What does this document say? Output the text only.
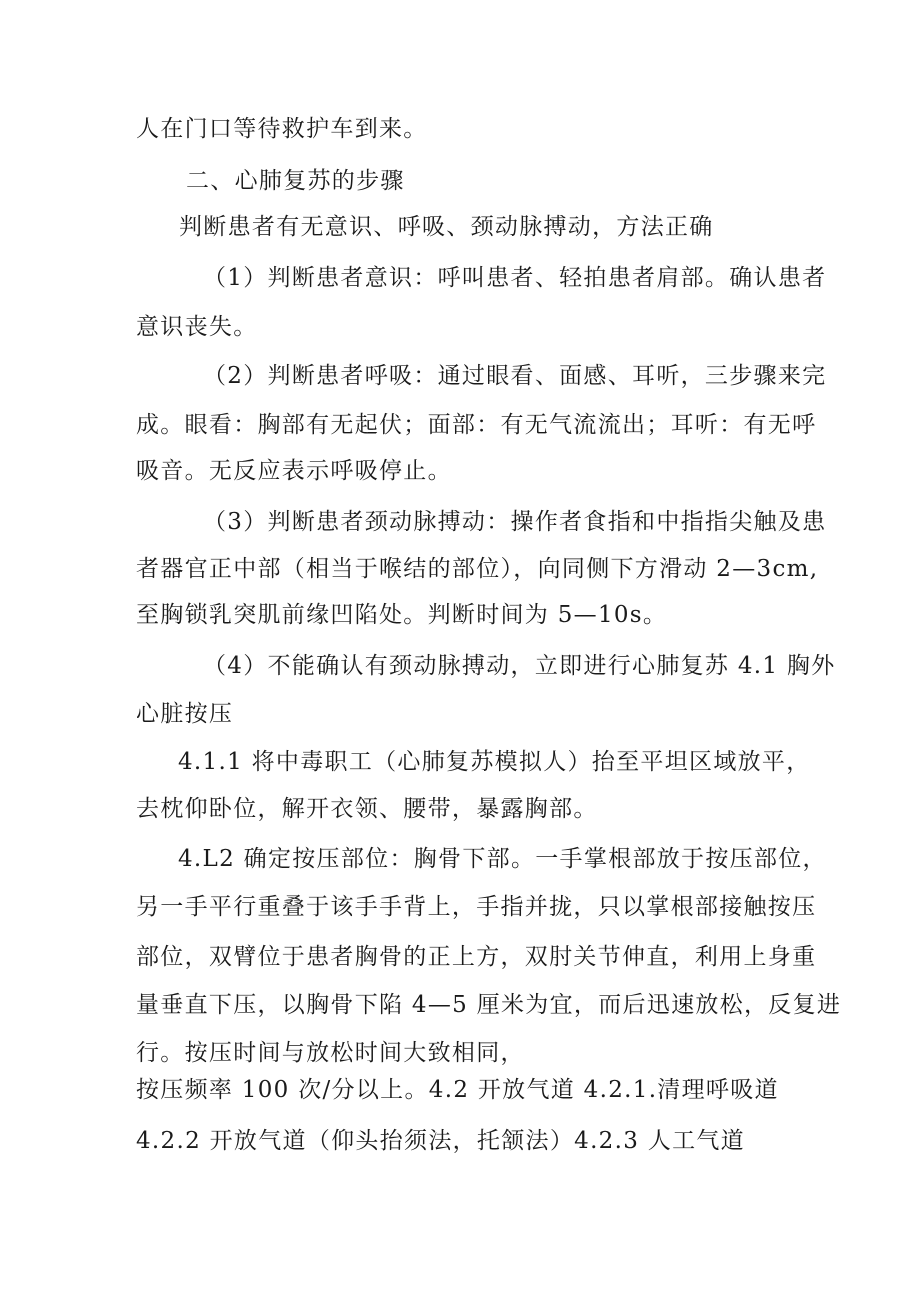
人在门口等待救护车到来。
二、心肺复苏的步骤
判断患者有无意识、呼吸、颈动脉搏动，方法正确
（1）判断患者意识：呼叫患者、轻拍患者肩部。确认患者
意识丧失。
（2）判断患者呼吸：通过眼看、面感、耳听，三步骤来完
成。眼看：胸部有无起伏；面部：有无气流流出；耳听：有无呼
吸音。无反应表示呼吸停止。
（3）判断患者颈动脉搏动：操作者食指和中指指尖触及患
者器官正中部（相当于喉结的部位），向同侧下方滑动 2—3cm,
至胸锁乳突肌前缘凹陷处。判断时间为 5—10s。
（4）不能确认有颈动脉搏动，立即进行心肺复苏 4.1 胸外
心脏按压
4.1.1 将中毒职工（心肺复苏模拟人）抬至平坦区域放平，
去枕仰卧位，解开衣领、腰带，暴露胸部。
4.L2 确定按压部位：胸骨下部。一手掌根部放于按压部位，
另一手平行重叠于该手手背上，手指并拢，只以掌根部接触按压
部位，双臂位于患者胸骨的正上方，双肘关节伸直，利用上身重
量垂直下压，以胸骨下陷 4—5 厘米为宜，而后迅速放松，反复进
行。按压时间与放松时间大致相同，
按压频率 100 次/分以上。4.2 开放气道 4.2.1.清理呼吸道
4.2.2 开放气道（仰头抬须法，托颔法）4.2.3 人工气道
